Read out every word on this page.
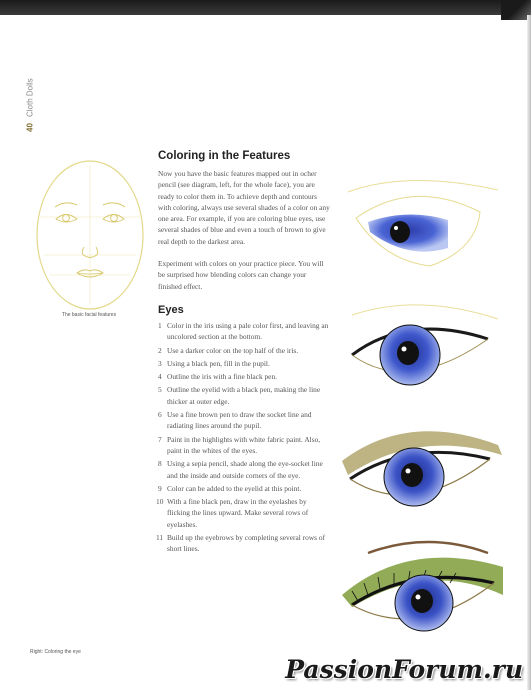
40
Cloth Dolls
The basic facial features
Coloring in the Features

Now you have the basic features mapped out in ocher pencil (see diagram, left, for the whole face), you are ready to color them in. To achieve depth and contours with coloring, always use several shades of a color on any one area. For example, if you are coloring blue eyes, use several shades of blue and even a touch of brown to give real depth to the darkest area.

Experiment with colors on your practice piece. You will be surprised how blending colors can change your finished effect.

Eyes
1 Color in the iris using a pale color first, and leaving an uncolored section at the bottom.
2 Use a darker color on the top half of the iris.
3 Using a black pen, fill in the pupil.
4 Outline the iris with a fine black pen.
5 Outline the eyelid with a black pen, making the line thicker at outer edge.
6 Use a fine brown pen to draw the socket line and radiating lines around the pupil.
7 Paint in the highlights with white fabric paint. Also, paint in the whites of the eyes.
8 Using a sepia pencil, shade along the eye-socket line and the inside and outside corners of the eye.
9 Color can be added to the eyelid at this point.
10 With a fine black pen, draw in the eyelashes by flicking the lines upward. Make several rows of eyelashes.
11 Build up the eyebrows by completing several rows of short lines.
Right: Coloring the eye
PassionForum.ru
